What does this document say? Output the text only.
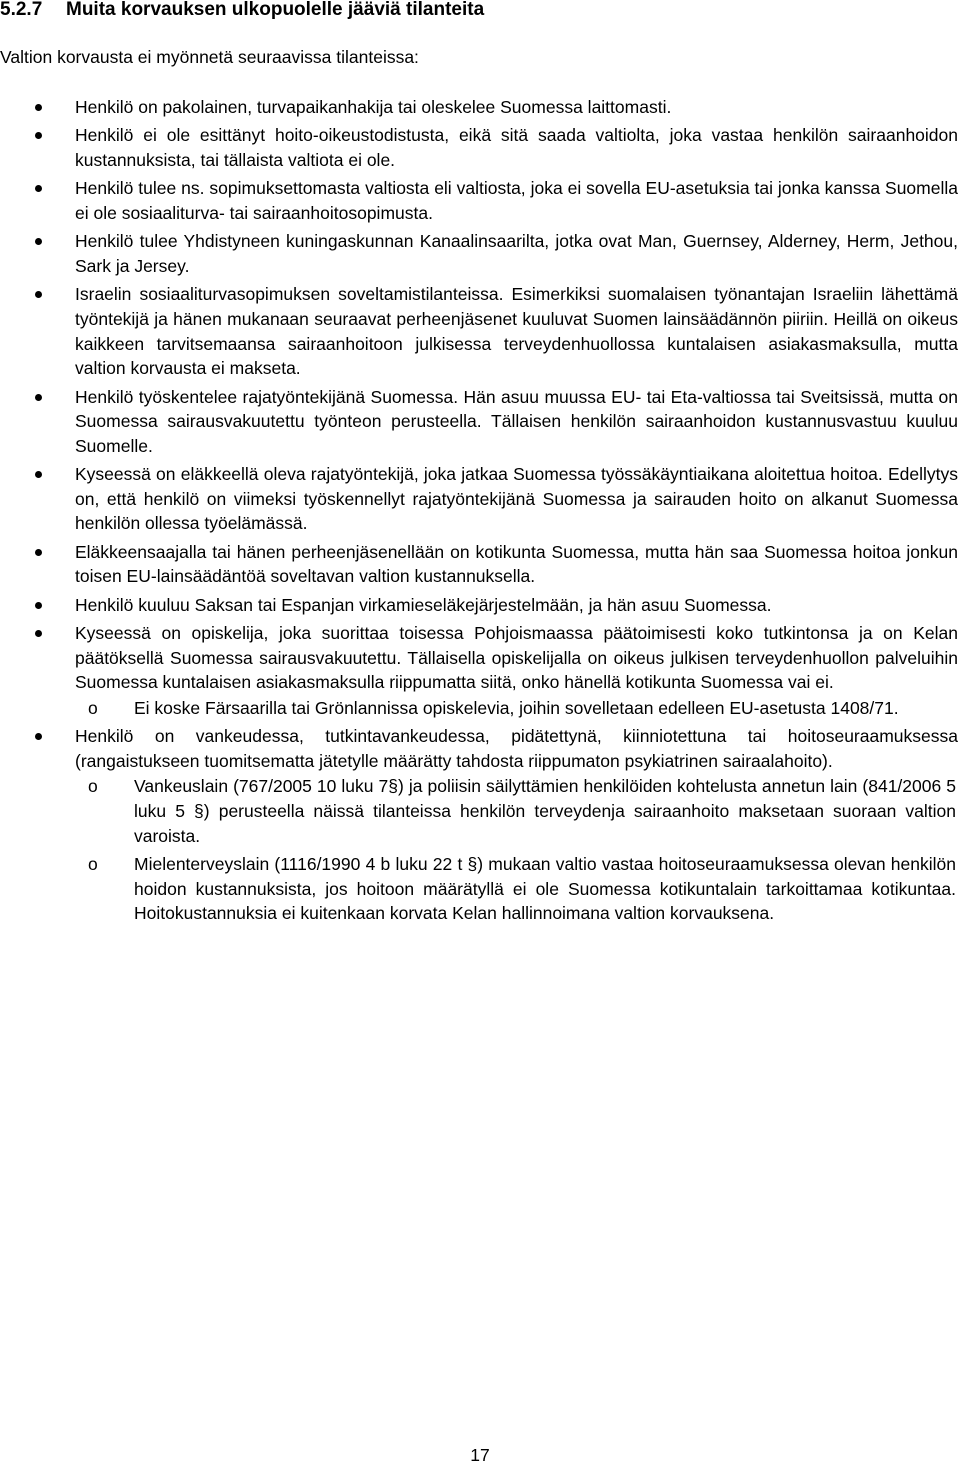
5.2.7 Muita korvauksen ulkopuolelle jääviä tilanteita

Valtion korvausta ei myönnetä seuraavissa tilanteissa:

Henkilö on pakolainen, turvapaikanhakija tai oleskelee Suomessa laittomasti.
Henkilö ei ole esittänyt hoito-oikeustodistusta, eikä sitä saada valtiolta, joka vastaa henkilön sairaanhoidon kustannuksista, tai tällaista valtiota ei ole.
Henkilö tulee ns. sopimuksettomasta valtiosta eli valtiosta, joka ei sovella EU-asetuksia tai jonka kanssa Suomella ei ole sosiaaliturva- tai sairaanhoitosopimusta.
Henkilö tulee Yhdistyneen kuningaskunnan Kanaalinsaarilta, jotka ovat Man, Guernsey, Alderney, Herm, Jethou, Sark ja Jersey.
Israelin sosiaaliturvasopimuksen soveltamistilanteissa. Esimerkiksi suomalaisen työnantajan Israeliin lähettämä työntekijä ja hänen mukanaan seuraavat perheenjäsenet kuuluvat Suomen lainsäädännön piiriin. Heillä on oikeus kaikkeen tarvitsemaansa sairaanhoitoon julkisessa terveydenhuollossa kuntalaisen asiakasmaksulla, mutta valtion korvausta ei makseta.
Henkilö työskentelee rajatyöntekijänä Suomessa. Hän asuu muussa EU- tai Eta-valtiossa tai Sveitsissä, mutta on Suomessa sairausvakuutettu työnteon perusteella. Tällaisen henkilön sairaanhoidon kustannusvastuu kuuluu Suomelle.
Kyseessä on eläkkeellä oleva rajatyöntekijä, joka jatkaa Suomessa työssäkäyntiaikana aloitettua hoitoa. Edellytys on, että henkilö on viimeksi työskennellyt rajatyöntekijänä Suomessa ja sairauden hoito on alkanut Suomessa henkilön ollessa työelämässä.
Eläkkeensaajalla tai hänen perheenjäsenellään on kotikunta Suomessa, mutta hän saa Suomessa hoitoa jonkun toisen EU-lainsäädäntöä soveltavan valtion kustannuksella.
Henkilö kuuluu Saksan tai Espanjan virkamieseläkejärjestelmään, ja hän asuu Suomessa.
Kyseessä on opiskelija, joka suorittaa toisessa Pohjoismaassa päätoimisesti koko tutkintonsa ja on Kelan päätöksellä Suomessa sairausvakuutettu. Tällaisella opiskelijalla on oikeus julkisen terveydenhuollon palveluihin Suomessa kuntalaisen asiakasmaksulla riippumatta siitä, onko hänellä kotikunta Suomessa vai ei.
o Ei koske Färsaarilla tai Grönlannissa opiskelevia, joihin sovelletaan edelleen EU-asetusta 1408/71.
Henkilö on vankeudessa, tutkintavankeudessa, pidätettynä, kiinniotettuna tai hoitoseuraamuksessa (rangaistukseen tuomitsematta jätetylle määrätty tahdosta riippumaton psykiatrinen sairaalahoito).
o Vankeuslain (767/2005 10 luku 7§) ja poliisin säilyttämien henkilöiden kohtelusta annetun lain (841/2006 5 luku 5 §) perusteella näissä tilanteissa henkilön terveydenja sairaanhoito maksetaan suoraan valtion varoista.
o Mielenterveyslain (1116/1990 4 b luku 22 t §) mukaan valtio vastaa hoitoseuraamuksessa olevan henkilön hoidon kustannuksista, jos hoitoon määrätyllä ei ole Suomessa kotikuntalain tarkoittamaa kotikuntaa. Hoitokustannuksia ei kuitenkaan korvata Kelan hallinnoimana valtion korvauksena.
17
